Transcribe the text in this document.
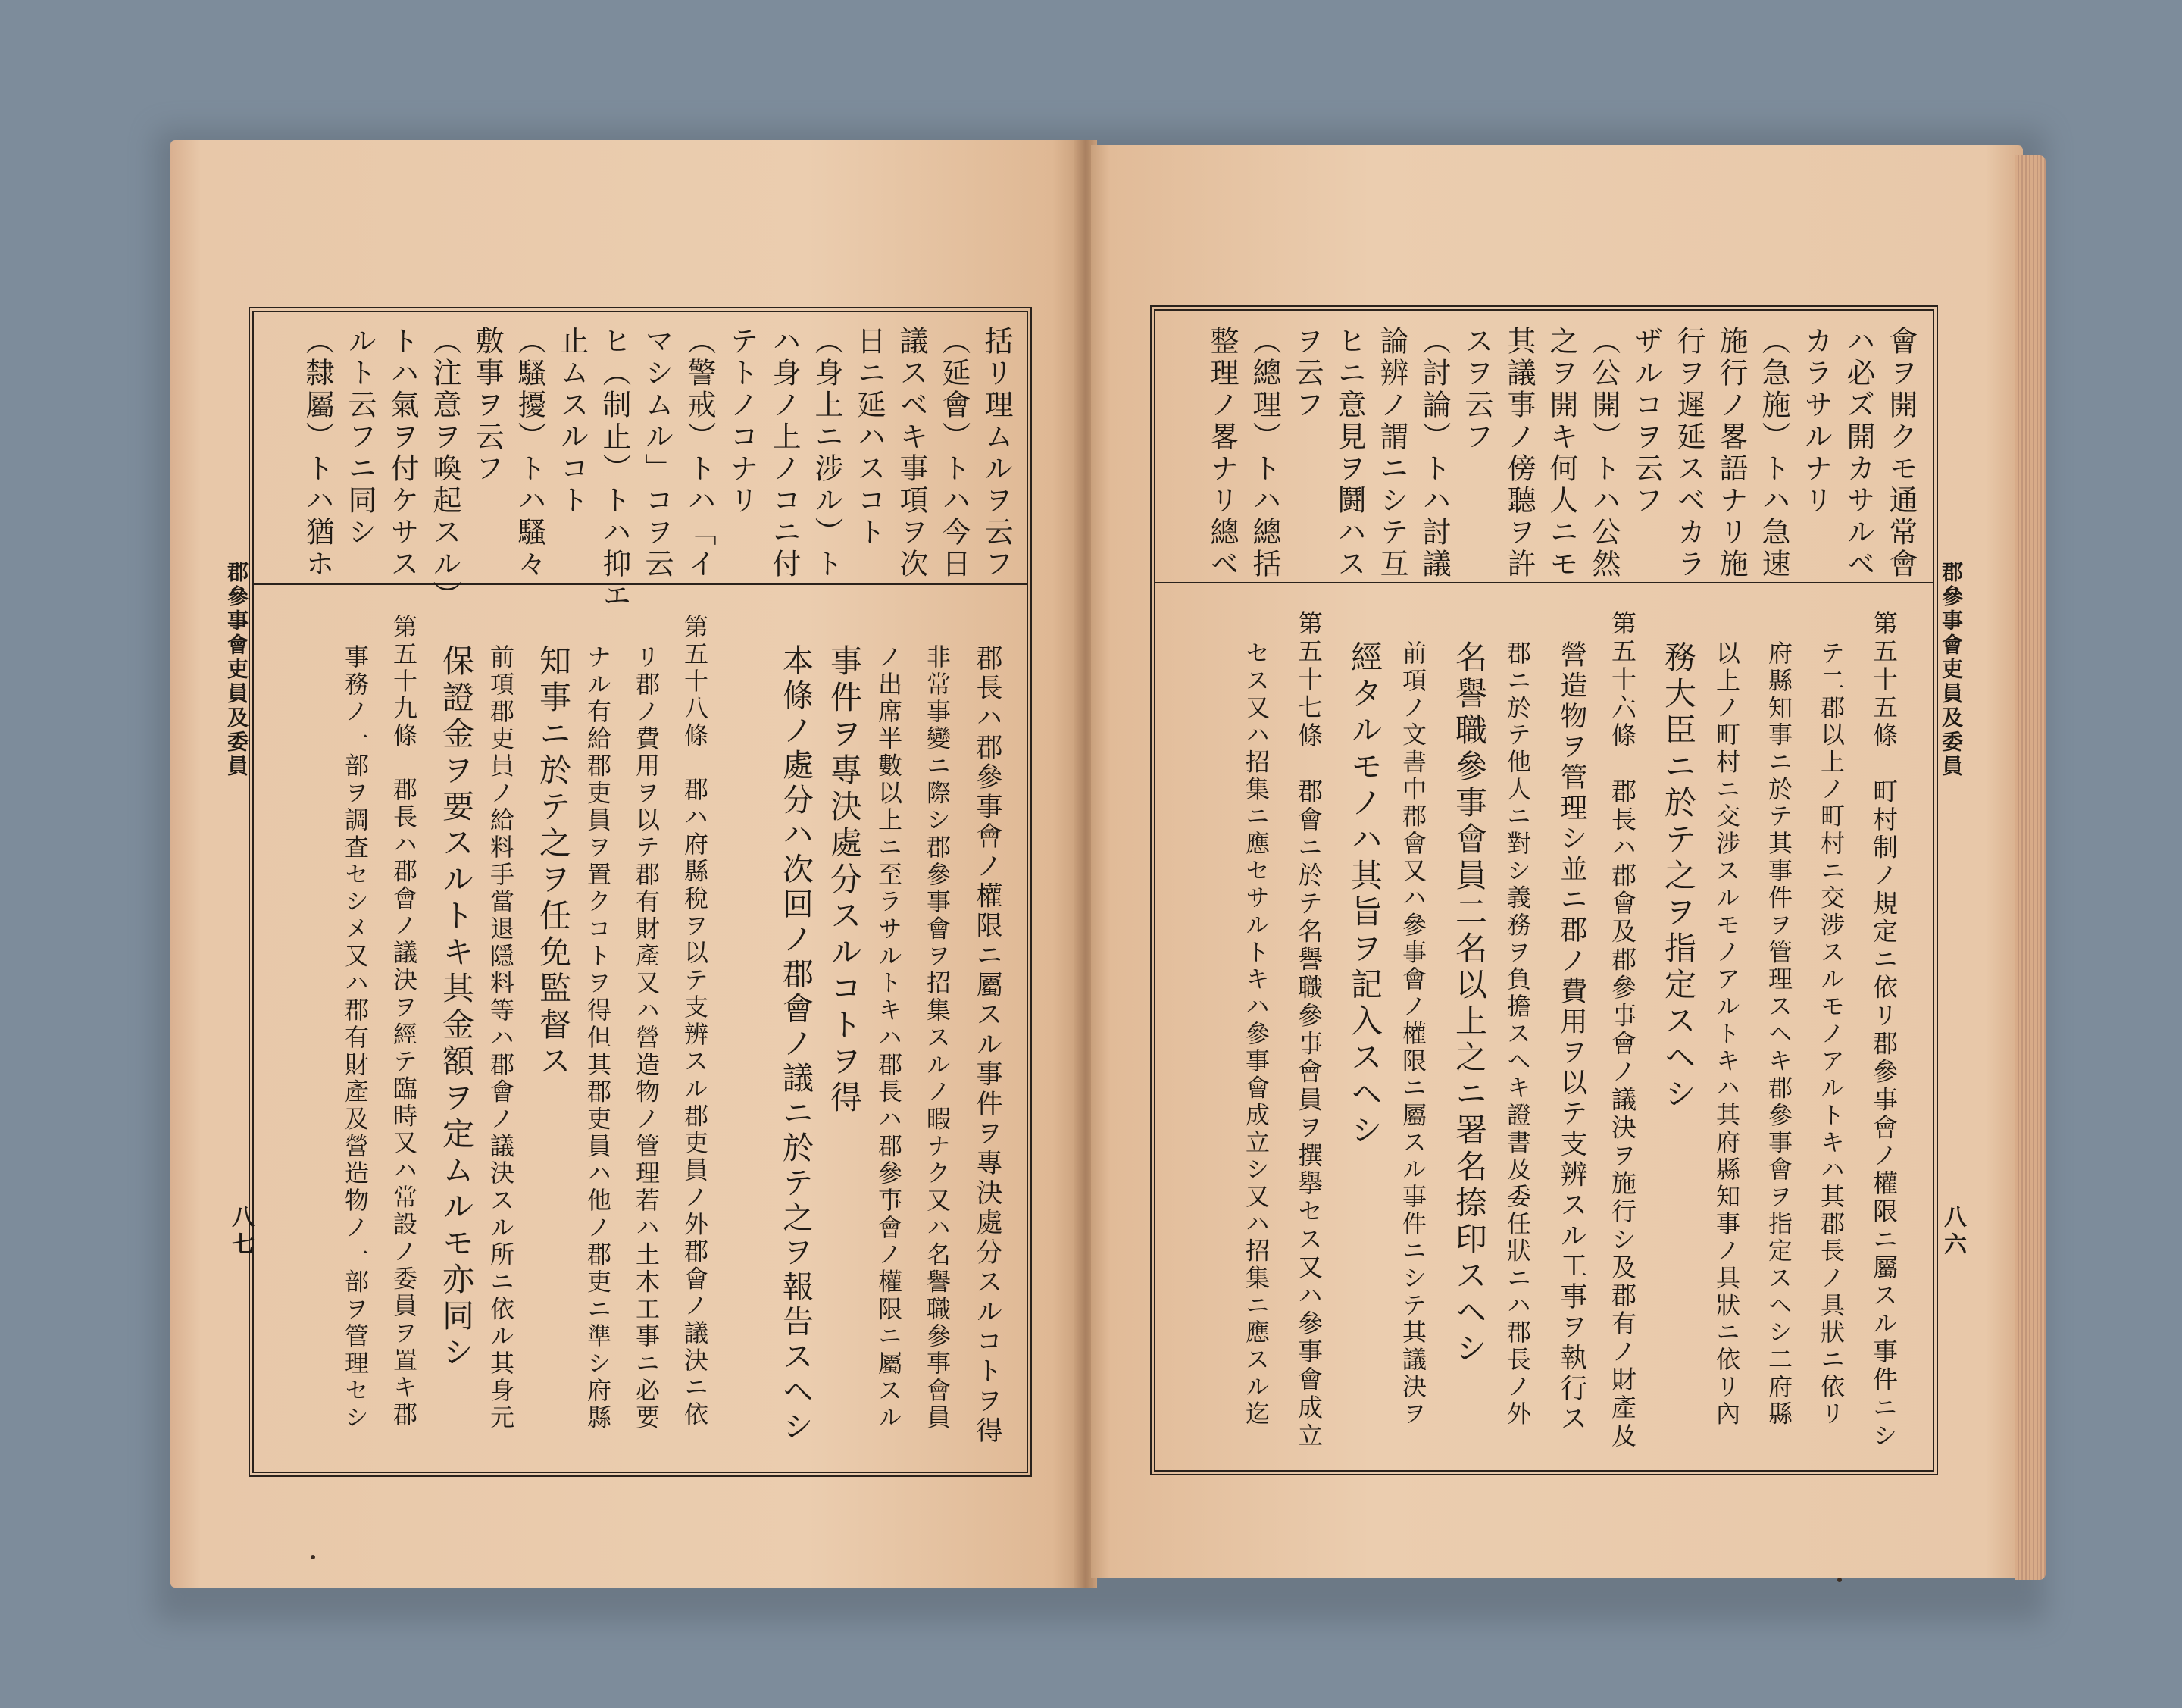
郡參事會吏員及委員
八七
括リ理ムルヲ云フ
（延會）トハ今日
議スベキ事項ヲ次
日ニ延ハスコト
（身上ニ涉ル）ト
ハ身ノ上ノコニ付
テトノコナリ
（警戒）トハ「イ
マシムル」コヲ云
ヒ（制止）トハ抑エ
止ムスルコト
（騷擾）トハ騷々
敷事ヲ云フ
（注意ヲ喚起スル）
トハ氣ヲ付ケサス
ルト云フニ同シ
（隸屬）トハ猶ホ
郡長ハ郡參事會ノ權限ニ屬スル事件ヲ專決處分スルコトヲ得
非常事變ニ際シ郡參事會ヲ招集スルノ暇ナク又ハ名譽職參事會員
ノ出席半數以上ニ至ラサルトキハ郡長ハ郡參事會ノ權限ニ屬スル
事件ヲ專決處分スルコトヲ得
本條ノ處分ハ次回ノ郡會ノ議ニ於テ之ヲ報告スヘシ
第五十八條　郡ハ府縣稅ヲ以テ支辨スル郡吏員ノ外郡會ノ議決ニ依
リ郡ノ費用ヲ以テ郡有財產又ハ營造物ノ管理若ハ土木工事ニ必要
ナル有給郡吏員ヲ置クコトヲ得但其郡吏員ハ他ノ郡吏ニ準シ府縣
知事ニ於テ之ヲ任免監督ス
前項郡吏員ノ給料手當退隱料等ハ郡會ノ議決スル所ニ依ル其身元
保證金ヲ要スルトキ其金額ヲ定ムルモ亦同シ
第五十九條　郡長ハ郡會ノ議決ヲ經テ臨時又ハ常設ノ委員ヲ置キ郡
事務ノ一部ヲ調査セシメ又ハ郡有財產及營造物ノ一部ヲ管理セシ	郡參事會吏員及委員
八六
會ヲ開クモ通常會
ハ必ズ開カサルベ
カラサルナリ
（急施）トハ急速
施行ノ畧語ナリ施
行ヲ遲延スベカラ
ザルコヲ云フ
（公開）トハ公然
之ヲ開キ何人ニモ
其議事ノ傍聽ヲ許
スヲ云フ
（討論）トハ討議
論辨ノ謂ニシテ互
ヒニ意見ヲ鬪ハス
ヲ云フ
（總理）トハ總括
整理ノ畧ナリ總ベ
第五十五條　町村制ノ規定ニ依リ郡參事會ノ權限ニ屬スル事件ニシ
テ二郡以上ノ町村ニ交涉スルモノアルトキハ其郡長ノ具狀ニ依リ
府縣知事ニ於テ其事件ヲ管理スヘキ郡參事會ヲ指定スヘシ二府縣
以上ノ町村ニ交涉スルモノアルトキハ其府縣知事ノ具狀ニ依リ內
務大臣ニ於テ之ヲ指定スヘシ
第五十六條　郡長ハ郡會及郡參事會ノ議決ヲ施行シ及郡有ノ財產及
營造物ヲ管理シ並ニ郡ノ費用ヲ以テ支辨スル工事ヲ執行ス
郡ニ於テ他人ニ對シ義務ヲ負擔スヘキ證書及委任狀ニハ郡長ノ外
名譽職參事會員二名以上之ニ署名捺印スヘシ
前項ノ文書中郡會又ハ參事會ノ權限ニ屬スル事件ニシテ其議決ヲ
經タルモノハ其旨ヲ記入スヘシ
第五十七條　郡會ニ於テ名譽職參事會員ヲ撰擧セス又ハ參事會成立
セス又ハ招集ニ應セサルトキハ參事會成立シ又ハ招集ニ應スル迄
